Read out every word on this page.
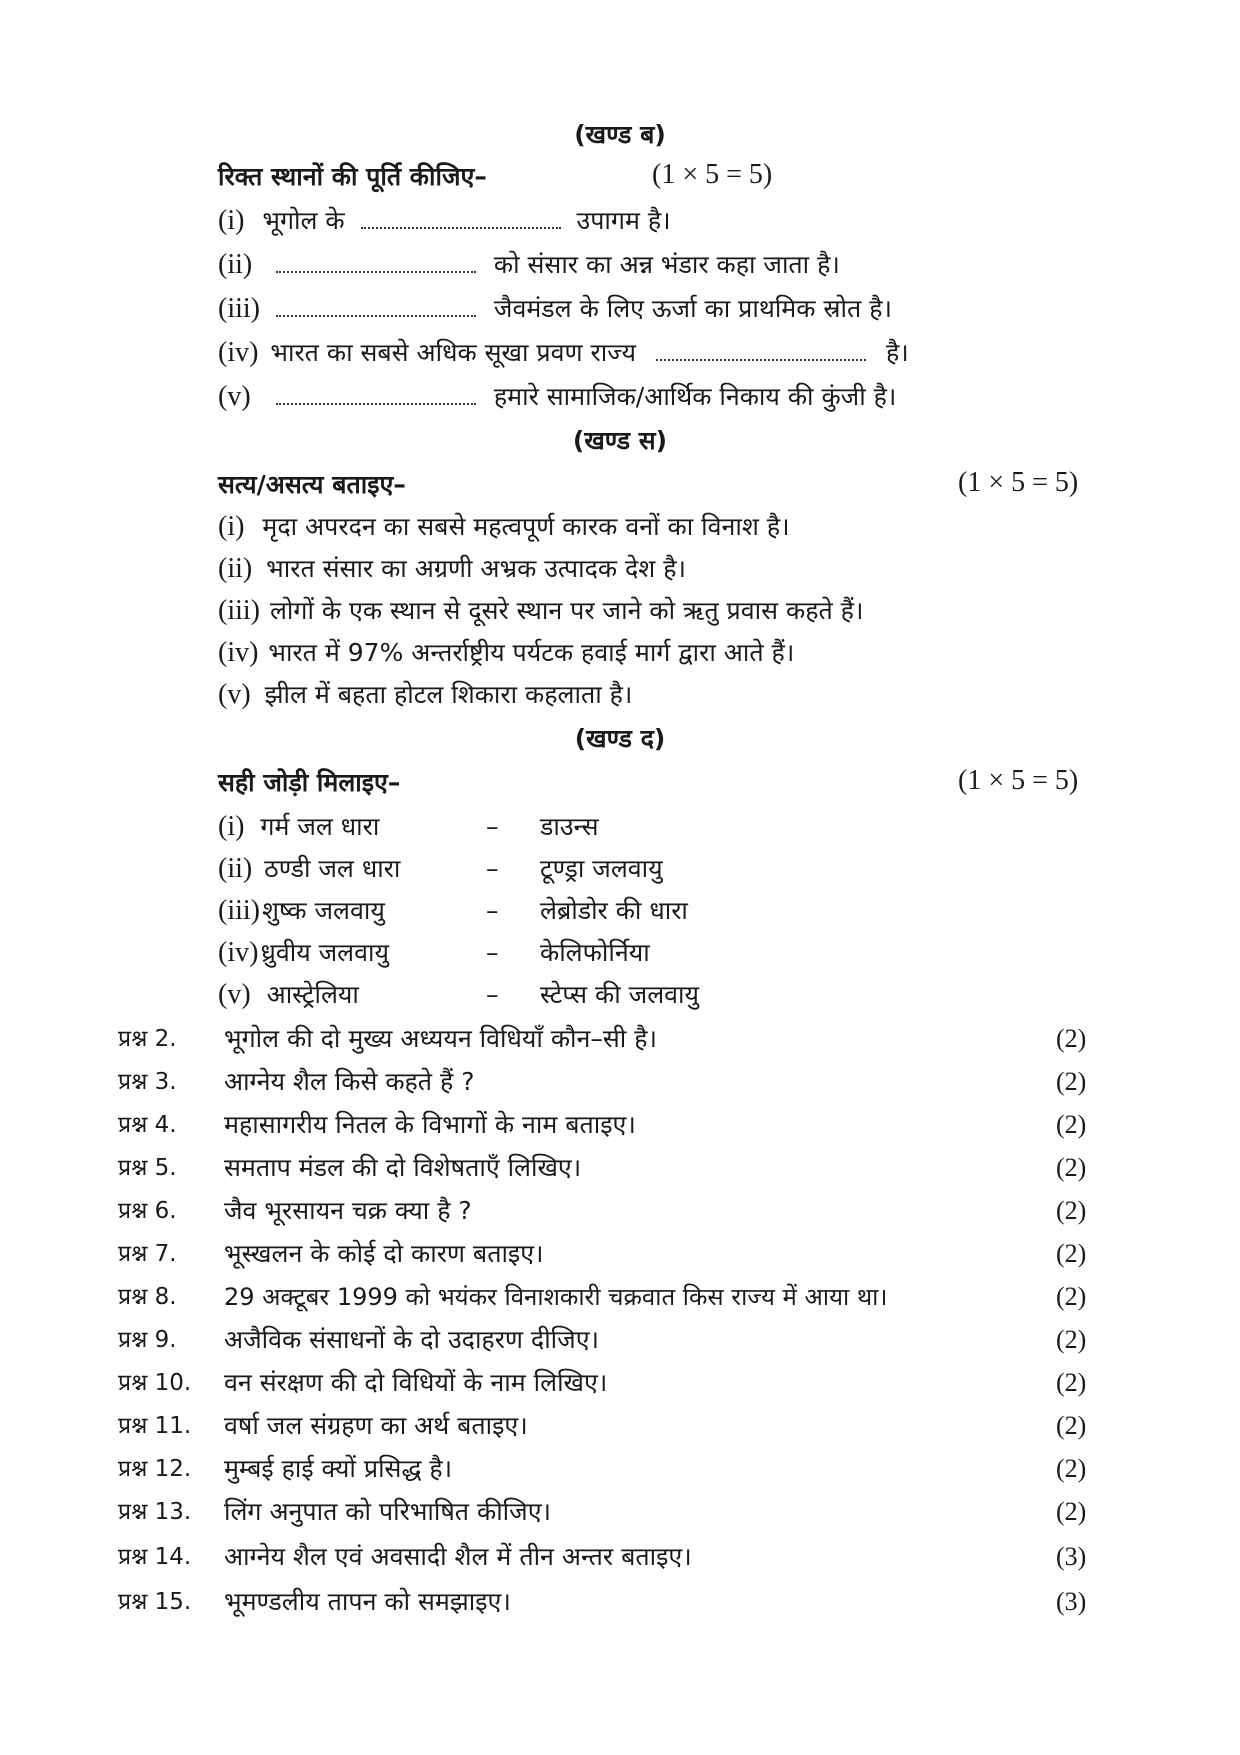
(खण्ड ब)
रिक्त स्थानों की पूर्ति कीजिए–	(1 × 5 = 5)
(i) भूगोल के	उपागम है।
(ii)	को संसार का अन्न भंडार कहा जाता है।
(iii)	जैवमंडल के लिए ऊर्जा का प्राथमिक स्रोत है।
(iv) भारत का सबसे अधिक सूखा प्रवण राज्य	है।
(v)	हमारे सामाजिक/आर्थिक निकाय की कुंजी है।
(खण्ड स)
सत्य/असत्य बताइए–	(1 × 5 = 5)
(i) मृदा अपरदन का सबसे महत्वपूर्ण कारक वनों का विनाश है।
(ii) भारत संसार का अग्रणी अभ्रक उत्पादक देश है।
(iii) लोगों के एक स्थान से दूसरे स्थान पर जाने को ऋतु प्रवास कहते हैं।
(iv) भारत में 97% अन्तर्राष्ट्रीय पर्यटक हवाई मार्ग द्वारा आते हैं।
(v) झील में बहता होटल शिकारा कहलाता है।
(खण्ड द)
सही जोड़ी मिलाइए–	(1 × 5 = 5)
(i) गर्म जल धारा	– डाउन्स
(ii) ठण्डी जल धारा	– टूण्ड्रा जलवायु
(iii)शुष्क जलवायु	– लेब्रोडोर की धारा
(iv)ध्रुवीय जलवायु	– केलिफोर्निया
(v) आस्ट्रेलिया	– स्टेप्स की जलवायु
प्रश्न 2. भूगोल की दो मुख्य अध्ययन विधियाँ कौन–सी है।	(2)
प्रश्न 3. आग्नेय शैल किसे कहते हैं ?	(2)
प्रश्न 4. महासागरीय नितल के विभागों के नाम बताइए।	(2)
प्रश्न 5. समताप मंडल की दो विशेषताएँ लिखिए।	(2)
प्रश्न 6. जैव भूरसायन चक्र क्या है ?	(2)
प्रश्न 7. भूस्खलन के कोई दो कारण बताइए।	(2)
प्रश्न 8. 29 अक्टूबर 1999 को भयंकर विनाशकारी चक्रवात किस राज्य में आया था।	(2)
प्रश्न 9. अजैविक संसाधनों के दो उदाहरण दीजिए।	(2)
प्रश्न 10. वन संरक्षण की दो विधियों के नाम लिखिए।	(2)
प्रश्न 11. वर्षा जल संग्रहण का अर्थ बताइए।	(2)
प्रश्न 12. मुम्बई हाई क्यों प्रसिद्ध है।	(2)
प्रश्न 13. लिंग अनुपात को परिभाषित कीजिए।	(2)
प्रश्न 14. आग्नेय शैल एवं अवसादी शैल में तीन अन्तर बताइए।	(3)
प्रश्न 15. भूमण्डलीय तापन को समझाइए।	(3)
